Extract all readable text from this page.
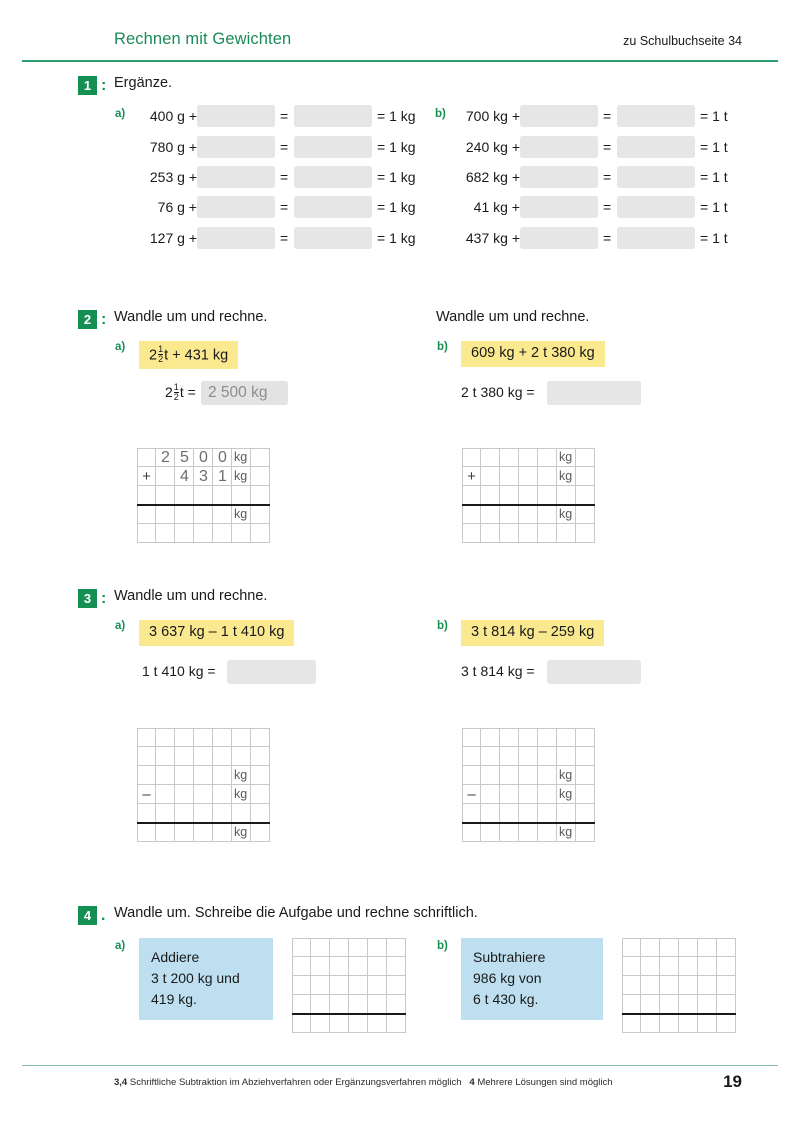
Rechnen mit Gewichten	zu Schulbuchseite 34
1 : Ergänze.
a) 400 g +	=	= 1 kg
780 g +	=	= 1 kg
253 g +	=	= 1 kg
76 g +	=	= 1 kg
127 g +	=	= 1 kg
b) 700 kg +	=	= 1 t
240 kg +	=	= 1 t
682 kg +	=	= 1 t
41 kg +	=	= 1 t
437 kg +	=	= 1 t
2 : Wandle um und rechne.	Wandle um und rechne.
a)
$2 \frac{1}{2}$ t + 431 kg
$2 \frac{1}{2}$ t = 2 500 kg
2 5 0 0 kg
+	4 3 1 kg
kg
b)	609 kg + 2 t 380 kg
2 t 380 kg =
kg
+	kg
kg
3 : Wandle um und rechne.
a)	3 637 kg – 1 t 410 kg
1 t 410 kg =
kg
–	kg
kg
b)	3 t 814 kg – 259 kg
3 t 814 kg =
kg
–	kg
kg
4 . Wandle um. Schreibe die Aufgabe und rechne schriftlich.
a)
Addiere
3 t 200 kg und
419 kg.
b)
Subtrahiere
986 kg von
6 t 430 kg.
3,4 Schriftliche Subtraktion im Abziehverfahren oder Ergänzungsverfahren möglich 4 Mehrere Lösungen sind möglich	19
